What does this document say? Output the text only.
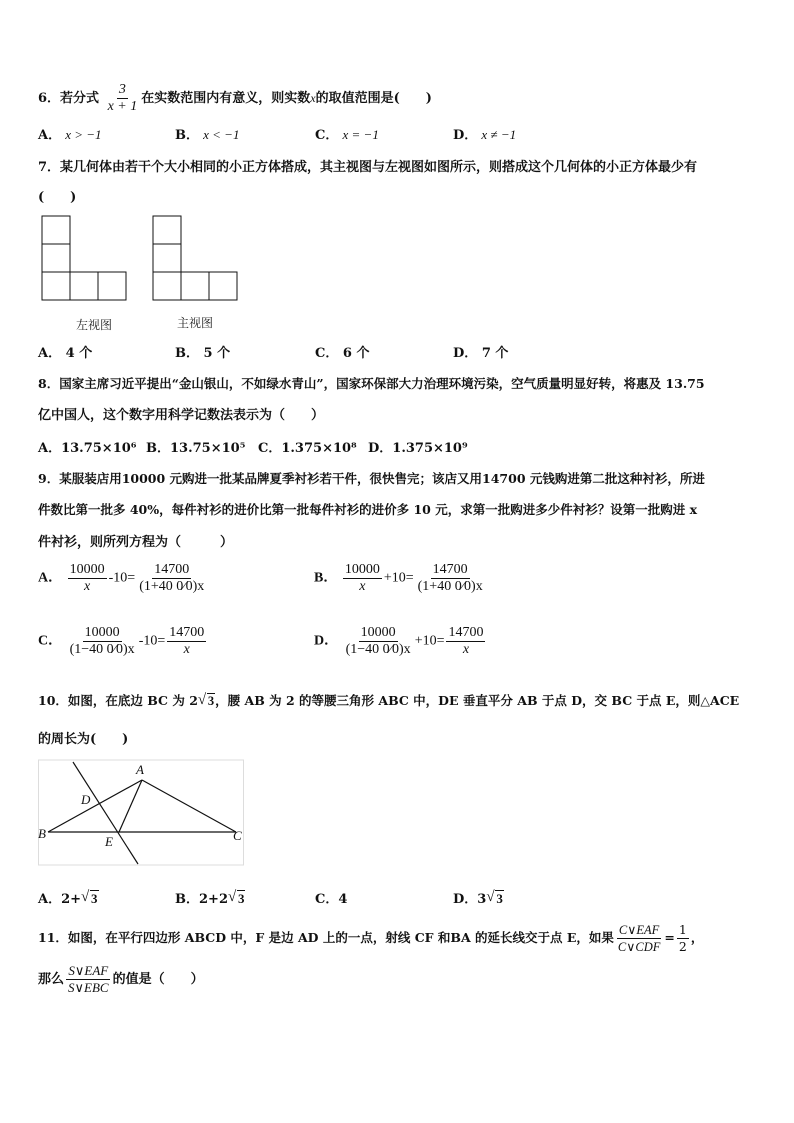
6．若分式 $\frac{3}{x + 1}$ 在实数范围内有意义，则实数x的取值范围是(　　)
A． x > −1	B． x < −1	C． x = −1	D． x ≠ −1
7．某几何体由若干个大小相同的小正方体搭成，其主视图与左视图如图所示，则搭成这个几何体的小正方体最少有
(　　)
左视图	主视图
A． 4 个	B． 5 个	C． 6 个	D． 7 个
8．国家主席习近平提出“金山银山，不如绿水青山”，国家环保部大力治理环境污染，空气质量明显好转，将惠及 13.75
亿中国人，这个数字用科学记数法表示为（　　）
A．13.75×10⁶ B．13.75×10⁵ C．1.375×10⁸ D．1.375×10⁹
9．某服装店用10000 元购进一批某品牌夏季衬衫若干件，很快售完；该店又用14700 元钱购进第二批这种衬衫，所进
件数比第一批多 40%，每件衬衫的进价比第一批每件衬衫的进价多 10 元，求第一批购进多少件衬衫？设第一批购进 x
件衬衫，则所列方程为（　　　）
A． $\frac{10000}{x} -10= \frac{14700}{(1+40 0⁄0)x}$	B． $\frac{10000}{x} +10= \frac{14700}{(1+40 0⁄0)x}$
C． $\frac{10000}{(1-40 0⁄0)x} -10= \frac{14700}{x}$	D． $\frac{10000}{(1-40 0⁄0)x} +10= \frac{14700}{x}$
10．如图，在底边 BC 为 2 √ 3，腰 AB 为 2 的等腰三角形 ABC 中，DE 垂直平分 AB 于点 D，交 BC 于点 E，则△ACE
的周长为(　　)
A
B	C
D
E
A．2+ √ 3	B．2+2 √ 3	C．4	D．3 √ 3
11．如图，在平行四边形 ABCD 中，F 是边 AD 上的一点，射线 CF 和BA 的延长线交于点 E，如果 $\frac{\text{C∨EAF}}{\text{C∨CDF}} = \frac{1}{2}$ ，
那么 $\frac{\text{S∨EAF}}{\text{S∨EBC}}$ 的值是（　　）
